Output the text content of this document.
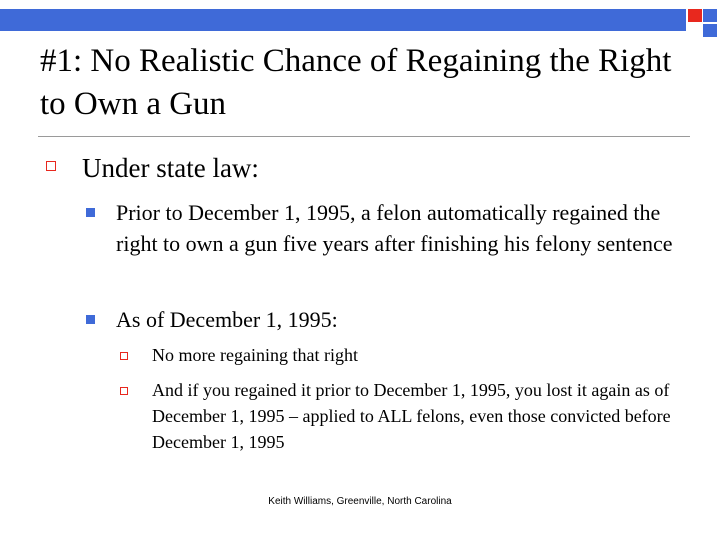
#1: No Realistic Chance of Regaining the Right to Own a Gun
Under state law:
Prior to December 1, 1995, a felon automatically regained the right to own a gun five years after finishing his felony sentence
As of December 1, 1995:
No more regaining that right
And if you regained it prior to December 1, 1995, you lost it again as of December 1, 1995 – applied to ALL felons, even those convicted before December 1, 1995
Keith Williams, Greenville, North Carolina
